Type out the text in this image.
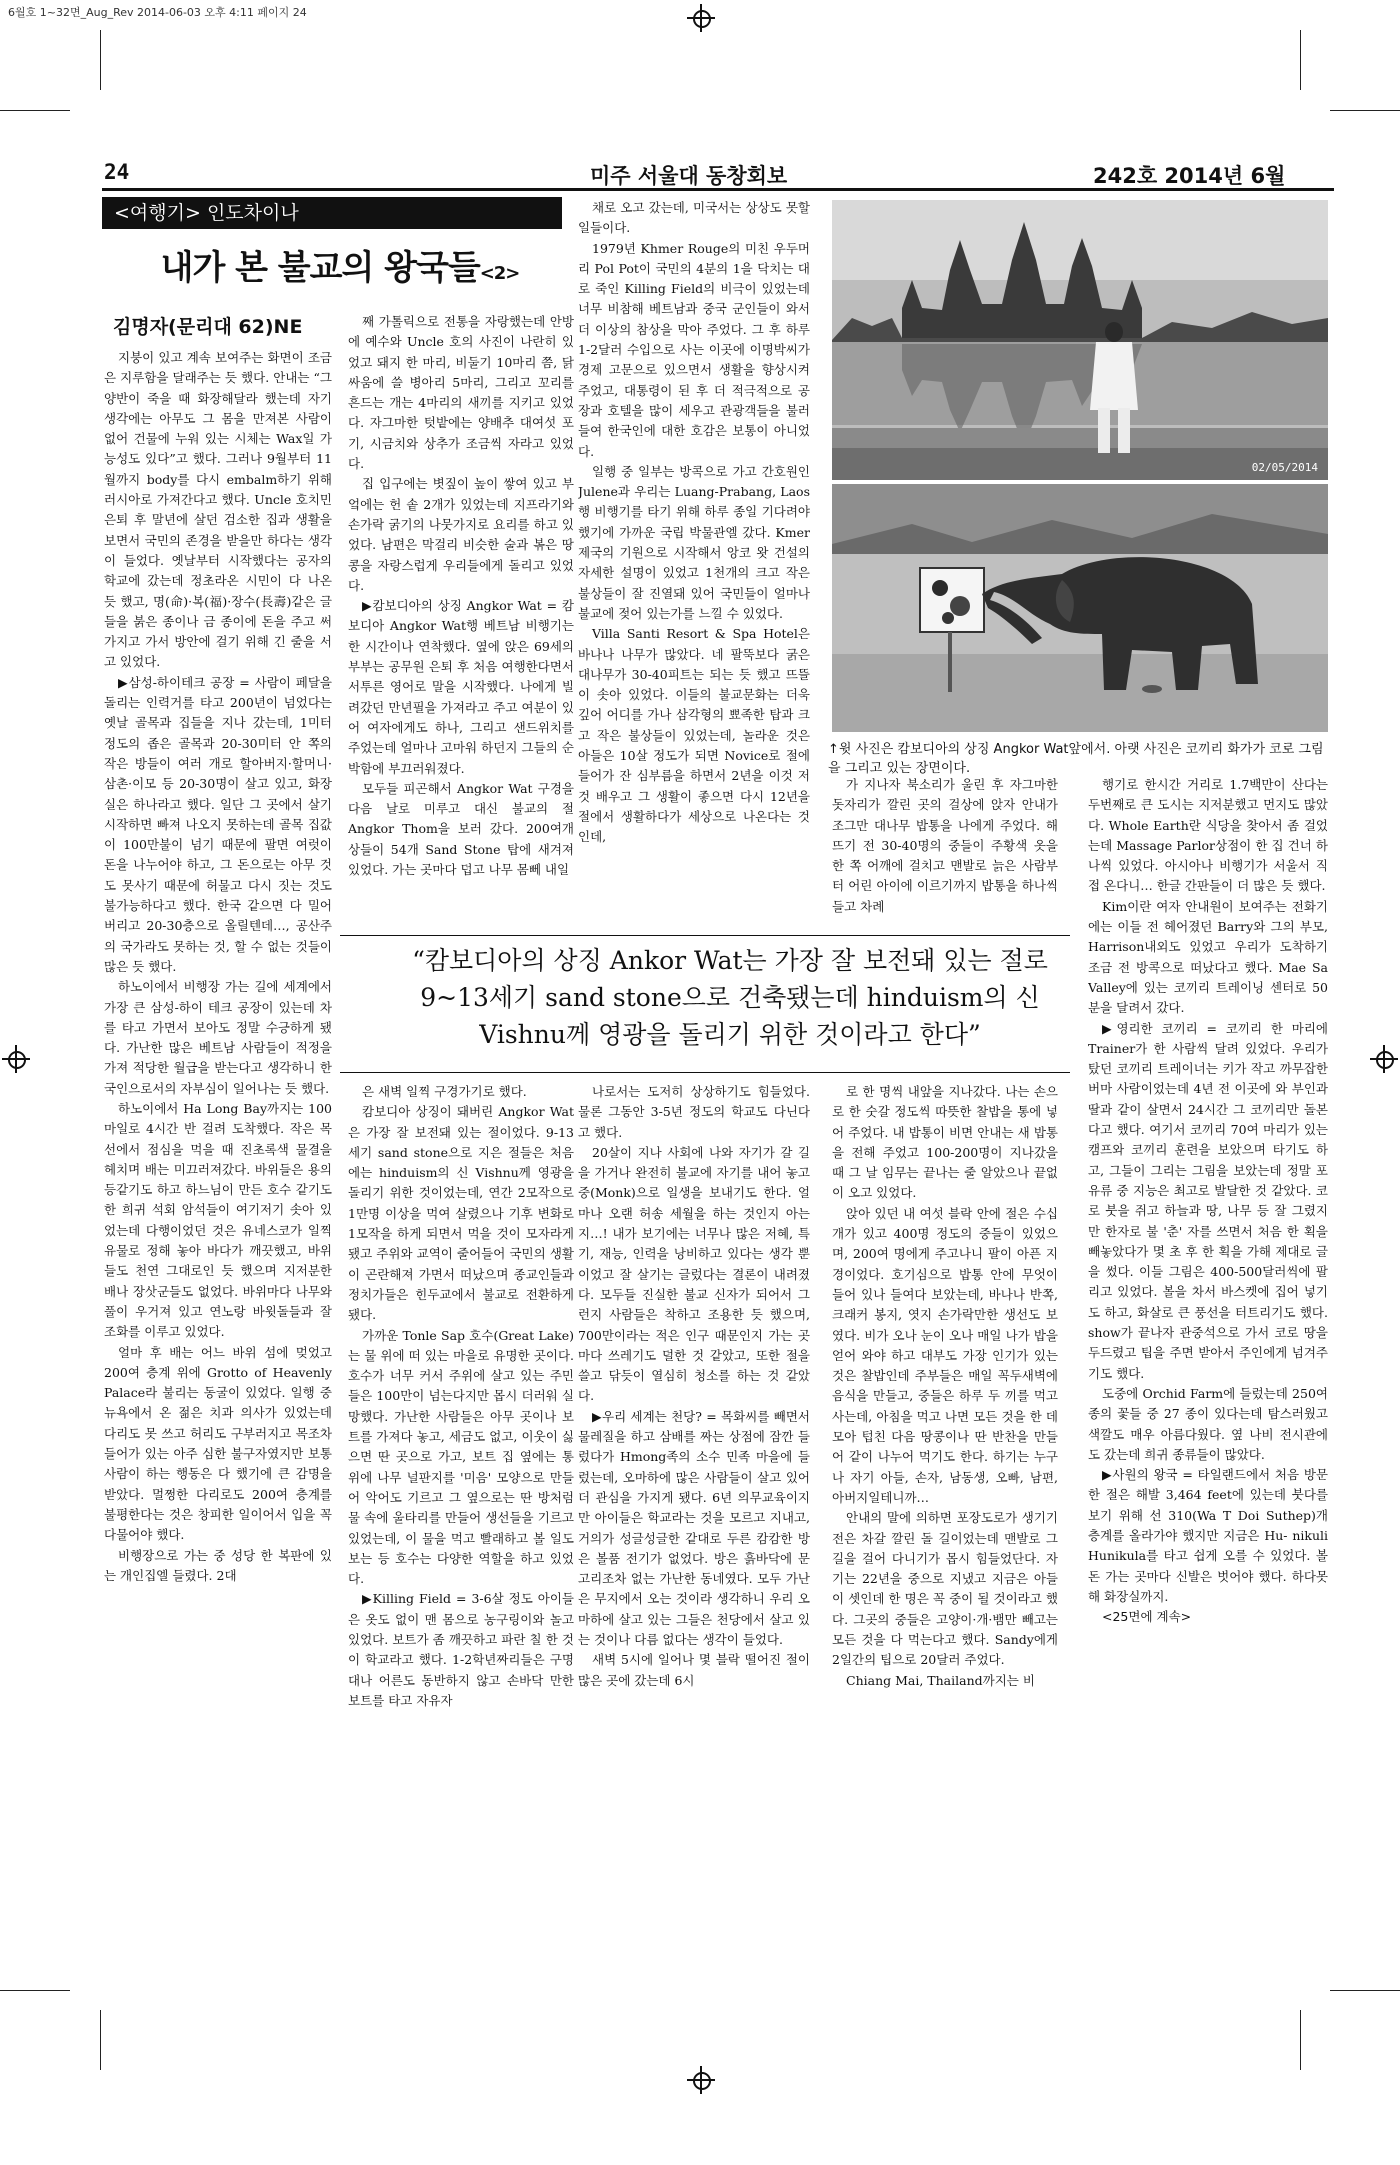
6월호 1~32면_Aug_Rev 2014-06-03 오후 4:11 페이지 24
24	미주 서울대 동창회보	242호 2014년 6월
<여행기> 인도차이나
내가 본 불교의 왕국들<2>
김명자(문리대 62)NE

지붕이 있고 계속 보여주는 화면이 조금은 지루함을 달래주는 듯 했다. 안내는 “그 양반이 죽을 때 화장해달라 했는데 자기 생각에는 아무도 그 몸을 만져본 사람이 없어 건물에 누워 있는 시체는 Wax일 가능성도 있다”고 했다. 그러나 9월부터 11월까지 body를 다시 embalm하기 위해 러시아로 가져간다고 했다. Uncle 호치민 은퇴 후 말년에 살던 검소한 집과 생활을 보면서 국민의 존경을 받을만 하다는 생각이 들었다. 옛날부터 시작했다는 공자의 학교에 갔는데 정초라온 시민이 다 나온 듯 했고, 명(命)·복(福)·장수(長壽)같은 글들을 붉은 종이나 금 종이에 돈을 주고 써 가지고 가서 방안에 걸기 위해 긴 줄을 서고 있었다.

▶삼성-하이테크 공장 = 사람이 페달을 돌리는 인력거를 타고 200년이 넘었다는 옛날 골목과 집들을 지나 갔는데, 1미터 정도의 좁은 골목과 20-30미터 안 쪽의 작은 방들이 여러 개로 할아버지·할머니·삼촌·이모 등 20-30명이 살고 있고, 화장실은 하나라고 했다. 일단 그 곳에서 살기 시작하면 빠져 나오지 못하는데 골목 집값이 100만불이 넘기 때문에 팔면 여럿이 돈을 나누어야 하고, 그 돈으로는 아무 것도 못사기 때문에 허물고 다시 짓는 것도 불가능하다고 했다. 한국 같으면 다 밀어 버리고 20-30층으로 올릴텐데…, 공산주의 국가라도 못하는 것, 할 수 없는 것들이 많은 듯 했다.

하노이에서 비행장 가는 길에 세계에서 가장 큰 삼성-하이 테크 공장이 있는데 차를 타고 가면서 보아도 정말 수긍하게 됐다. 가난한 많은 베트남 사람들이 적정을 가져 적당한 월급을 받는다고 생각하니 한국인으로서의 자부심이 일어나는 듯 했다.

하노이에서 Ha Long Bay까지는 100마일로 4시간 반 걸려 도착했다. 작은 목선에서 점심을 먹을 때 진초록색 물결을 헤치며 배는 미끄러져갔다. 바위들은 용의 등같기도 하고 하느님이 만든 호수 같기도 한 희귀 석회 암석들이 여기저기 솟아 있었는데 다행이었던 것은 유네스코가 일찍 유물로 정해 놓아 바다가 깨끗했고, 바위들도 천연 그대로인 듯 했으며 지저분한 배나 장삿군들도 없었다. 바위마다 나무와 풀이 우거져 있고 연노랑 바윗돌들과 잘 조화를 이루고 있었다.

얼마 후 배는 어느 바위 섬에 멎었고 200여 층계 위에 Grotto of Heavenly Palace라 불리는 동굴이 있었다. 일행 중 뉴욕에서 온 젊은 치과 의사가 있었는데 다리도 못 쓰고 허리도 구부러지고 목조차 들어가 있는 아주 심한 불구자였지만 보통사람이 하는 행동은 다 했기에 큰 감명을 받았다. 멀쩡한 다리로도 200여 층계를 불평한다는 것은 창피한 일이어서 입을 꼭 다물어야 했다.

비행장으로 가는 중 성당 한 복판에 있는 개인집엘 들렸다. 2대

째 가톨릭으로 전통을 자랑했는데 안방에 예수와 Uncle 호의 사진이 나란히 있었고 돼지 한 마리, 비둘기 10마리 쯤, 닭싸움에 쓸 병아리 5마리, 그리고 꼬리를 흔드는 개는 4마리의 새끼를 지키고 있었다. 자그마한 텃밭에는 양배추 대여섯 포기, 시금치와 상추가 조금씩 자라고 있었다.

집 입구에는 볏짚이 높이 쌓여 있고 부엌에는 헌 솥 2개가 있었는데 지프라기와 손가락 굵기의 나뭇가지로 요리를 하고 있었다. 남편은 막걸리 비슷한 술과 볶은 땅콩을 자랑스럽게 우리들에게 돌리고 있었다.

▶캄보디아의 상징 Angkor Wat = 캄보디아 Angkor Wat행 베트남 비행기는 한 시간이나 연착했다. 옆에 앉은 69세의 부부는 공무원 은퇴 후 처음 여행한다면서 서투른 영어로 말을 시작했다. 나에게 빌려갔던 만년필을 가져라고 주고 여분이 있어 여자에게도 하나, 그리고 샌드위치를 주었는데 얼마나 고마워 하던지 그들의 순박함에 부끄러워졌다.

모두들 피곤해서 Angkor Wat 구경을 다음 날로 미루고 대신 불교의 절 Angkor Thom을 보러 갔다. 200여개 상들이 54개 Sand Stone 탑에 새겨져 있었다. 가는 곳마다 덥고 나무 몸뻬 내일

채로 오고 갔는데, 미국서는 상상도 못할 일들이다.

1979년 Khmer Rouge의 미친 우두머리 Pol Pot이 국민의 4분의 1을 닥치는 대로 죽인 Killing Field의 비극이 있었는데 너무 비참해 베트남과 중국 군인들이 와서 더 이상의 참상을 막아 주었다. 그 후 하루 1-2달러 수입으로 사는 이곳에 이명박씨가 경제 고문으로 있으면서 생활을 향상시켜 주었고, 대통령이 된 후 더 적극적으로 공장과 호텔을 많이 세우고 관광객들을 불러들여 한국인에 대한 호감은 보통이 아니었다.

일행 중 일부는 방콕으로 가고 간호원인 Julene과 우리는 Luang-Prabang, Laos행 비행기를 타기 위해 하루 종일 기다려야 했기에 가까운 국립 박물관엘 갔다. Kmer제국의 기원으로 시작해서 앙코 왓 건설의 자세한 설명이 있었고 1천개의 크고 작은 불상들이 잘 진열돼 있어 국민들이 얼마나 불교에 젖어 있는가를 느낄 수 있었다.

Villa Santi Resort & Spa Hotel은 바나나 나무가 많았다. 네 팔뚝보다 굵은 대나무가 30-40피트는 되는 듯 했고 뜨뜰이 솟아 있었다. 이들의 불교문화는 더욱 깊어 어디를 가나 삼각형의 뾰족한 탑과 크고 작은 불상들이 있었는데, 놀라운 것은 아들은 10살 정도가 되면 Novice로 절에 들어가 잔 심부름을 하면서 2년을 이것 저것 배우고 그 생활이 좋으면 다시 12년을 절에서 생활하다가 세상으로 나온다는 것인데,

가 지나자 북소리가 울린 후 자그마한 돗자리가 깔린 곳의 걸상에 앉자 안내가 조그만 대나무 밥통을 나에게 주었다. 해뜨기 전 30-40명의 중들이 주황색 옷을 한 쪽 어깨에 걸치고 맨발로 늙은 사람부터 어린 아이에 이르기까지 밥통을 하나씩 들고 차례

행기로 한시간 거리로 1.7백만이 산다는 두번째로 큰 도시는 지저분했고 먼지도 많았다. Whole Earth란 식당을 찾아서 좀 걸었는데 Massage Parlor상점이 한 집 건너 하나씩 있었다. 아시아나 비행기가 서울서 직접 온다니… 한글 간판들이 더 많은 듯 했다.

Kim이란 여자 안내원이 보여주는 전화기에는 이들 전 헤어졌던 Barry와 그의 부모, Harrison내외도 있었고 우리가 도착하기 조금 전 방콕으로 떠났다고 했다. Mae Sa Valley에 있는 코끼리 트레이닝 센터로 50분을 달려서 갔다.

▶영리한 코끼리 = 코끼리 한 마리에 Trainer가 한 사람씩 달려 있었다. 우리가 탔던 코끼리 트레이너는 키가 작고 까무잡한 버마 사람이었는데 4년 전 이곳에 와 부인과 딸과 같이 살면서 24시간 그 코끼리만 돌본다고 했다. 여기서 코끼리 70여 마리가 있는 캠프와 코끼리 훈련을 보았으며 타기도 하고, 그들이 그리는 그림을 보았는데 정말 포유류 중 지능은 최고로 발달한 것 같았다. 코로 붓을 쥐고 하늘과 땅, 나무 등 잘 그렸지만 한자로 불 '춘' 자를 쓰면서 처음 한 획을 빼놓았다가 몇 초 후 한 획을 가해 제대로 글을 썼다. 이들 그림은 400-500달러씩에 팔리고 있었다. 볼을 차서 바스켓에 집어 넣기도 하고, 화살로 큰 풍선을 터트리기도 했다. show가 끝나자 관중석으로 가서 코로 땅을 두드렸고 팁을 주면 받아서 주인에게 넘겨주기도 했다.

도중에 Orchid Farm에 들렀는데 250여 종의 꽃들 중 27 종이 있다는데 탐스러웠고 색깔도 매우 아름다웠다. 옆 나비 전시관에도 갔는데 희귀 종류들이 많았다.

▶사원의 왕국 = 타일랜드에서 처음 방문한 절은 해발 3,464 feet에 있는데 붓다를 보기 위해 선 310(Wa T Doi Suthep)개 층계를 올라가야 했지만 지금은 Hu- nikuli Hunikula를 타고 쉽게 오를 수 있었다. 볼 돈 가는 곳마다 신발은 벗어야 했다. 하다못해 화장실까지.

<25면에 계속>

은 새벽 일찍 구경가기로 했다.

캄보디아 상징이 돼버린 Angkor Wat은 가장 잘 보전돼 있는 절이었다. 9-13 세기 sand stone으로 지은 절들은 처음에는 hinduism의 신 Vishnu께 영광을 돌리기 위한 것이었는데, 연간 2모작으로 1만명 이상을 먹여 살렸으나 기후 변화로 1모작을 하게 되면서 먹을 것이 모자라게 됐고 주위와 교역이 줄어들어 국민의 생활이 곤란해져 가면서 떠났으며 종교인들과 정치가들은 힌두교에서 불교로 전환하게 됐다.

가까운 Tonle Sap 호수(Great Lake)는 물 위에 떠 있는 마을로 유명한 곳이다. 호수가 너무 커서 주위에 살고 있는 주민들은 100만이 넘는다지만 몹시 더러워 실망했다. 가난한 사람들은 아무 곳이나 보트를 가져다 놓고, 세금도 없고, 이웃이 싫으면 딴 곳으로 가고, 보트 집 옆에는 통 위에 나무 널판지를 '미음' 모양으로 만들어 악어도 기르고 그 옆으로는 딴 방처럼 물 속에 울타리를 만들어 생선들을 기르고 있었는데, 이 물을 먹고 빨래하고 볼 일도 보는 등 호수는 다양한 역할을 하고 있었다.

▶Killing Field = 3-6살 정도 아이들은 옷도 없이 맨 몸으로 농구링이와 놀고 있었다. 보트가 좀 깨끗하고 파란 칠 한 것이 학교라고 했다. 1-2학년짜리들은 구명대나 어른도 동반하지 않고 손바닥 만한 보트를 타고 자유자

나로서는 도저히 상상하기도 힘들었다. 물론 그동안 3-5년 정도의 학교도 다닌다고 했다.

20살이 지나 사회에 나와 자기가 갈 길을 가거나 완전히 불교에 자기를 내어 놓고 중(Monk)으로 일생을 보내기도 한다. 얼마나 오랜 허송 세월을 하는 것인지 아는지…! 내가 보기에는 너무나 많은 저혜, 특기, 재능, 인력을 낭비하고 있다는 생각 뿐이었고 잘 살기는 글렀다는 결론이 내려졌다. 모두들 진실한 불교 신자가 되어서 그런지 사람들은 착하고 조용한 듯 했으며, 700만이라는 적은 인구 때문인지 가는 곳마다 쓰레기도 덜한 것 같았고, 또한 절을 쓸고 닦듯이 열심히 청소를 하는 것 같았다.

▶우리 세계는 천당? = 목화씨를 빼면서 물레질을 하고 삼배를 짜는 상점에 잠깐 들렀다가 Hmong족의 소수 민족 마을에 들렀는데, 오마하에 많은 사람들이 살고 있어 더 관심을 가지게 됐다. 6년 의무교육이지만 아이들은 학교라는 것을 모르고 지내고, 거의가 성글성글한 같대로 두른 캄캄한 방은 볼품 전기가 없었다. 방은 흙바닥에 문고리조차 없는 가난한 동네였다. 모두 가난은 무지에서 오는 것이라 생각하니 우리 오마하에 살고 있는 그들은 천당에서 살고 있는 것이나 다름 없다는 생각이 들었다.

새벽 5시에 일어나 몇 블락 떨어진 절이 많은 곳에 갔는데 6시

로 한 명씩 내앞을 지나갔다. 나는 손으로 한 숫갈 정도씩 따뜻한 찰밥을 통에 넣어 주었다. 내 밥통이 비면 안내는 새 밥통을 전해 주었고 100-200명이 지나갔을 때 그 날 임무는 끝나는 줄 알았으나 끝없이 오고 있었다.

앉아 있던 내 여섯 블락 안에 절은 수십개가 있고 400명 정도의 중들이 있었으며, 200여 명에게 주고나니 팔이 아픈 지경이었다. 호기심으로 밥통 안에 무엇이 들어 있나 들여다 보았는데, 바나나 반쪽, 크래커 봉지, 엿지 손가락만한 생선도 보였다. 비가 오나 눈이 오나 매일 나가 밥을 얻어 와야 하고 대부도 가장 인기가 있는 것은 찰밥인데 주부들은 매일 꼭두새벽에 음식을 만들고, 중들은 하루 두 끼를 먹고 사는데, 아침을 먹고 나면 모든 것을 한 데 모아 텁친 다음 땅콩이나 딴 반찬을 만들어 같이 나누어 먹기도 한다. 하기는 누구나 자기 아들, 손자, 남동생, 오빠, 남편, 아버지일테니까…

안내의 말에 의하면 포장도로가 생기기 전은 차갈 깔린 돌 길이었는데 맨발로 그 길을 걸어 다니기가 몹시 힘들었단다. 자기는 22년을 중으로 지냈고 지금은 아들이 셋인데 한 명은 꼭 중이 될 것이라고 했다. 그곳의 중들은 고양이·개·뱀만 빼고는 모든 것을 다 먹는다고 했다. Sandy에게 2일간의 팁으로 20달러 주었다.

Chiang Mai, Thailand까지는 비

02/05/2014
↑윗 사진은 캄보디아의 상징 Angkor Wat앞에서. 아랫 사진은 코끼리 화가가 코로 그림을 그리고 있는 장면이다.
“캄보디아의 상징 Ankor Wat는 가장 잘 보전돼 있는 절로 9~13세기 sand stone으로 건축됐는데 hinduism의 신 Vishnu께 영광을 돌리기 위한 것이라고 한다”
